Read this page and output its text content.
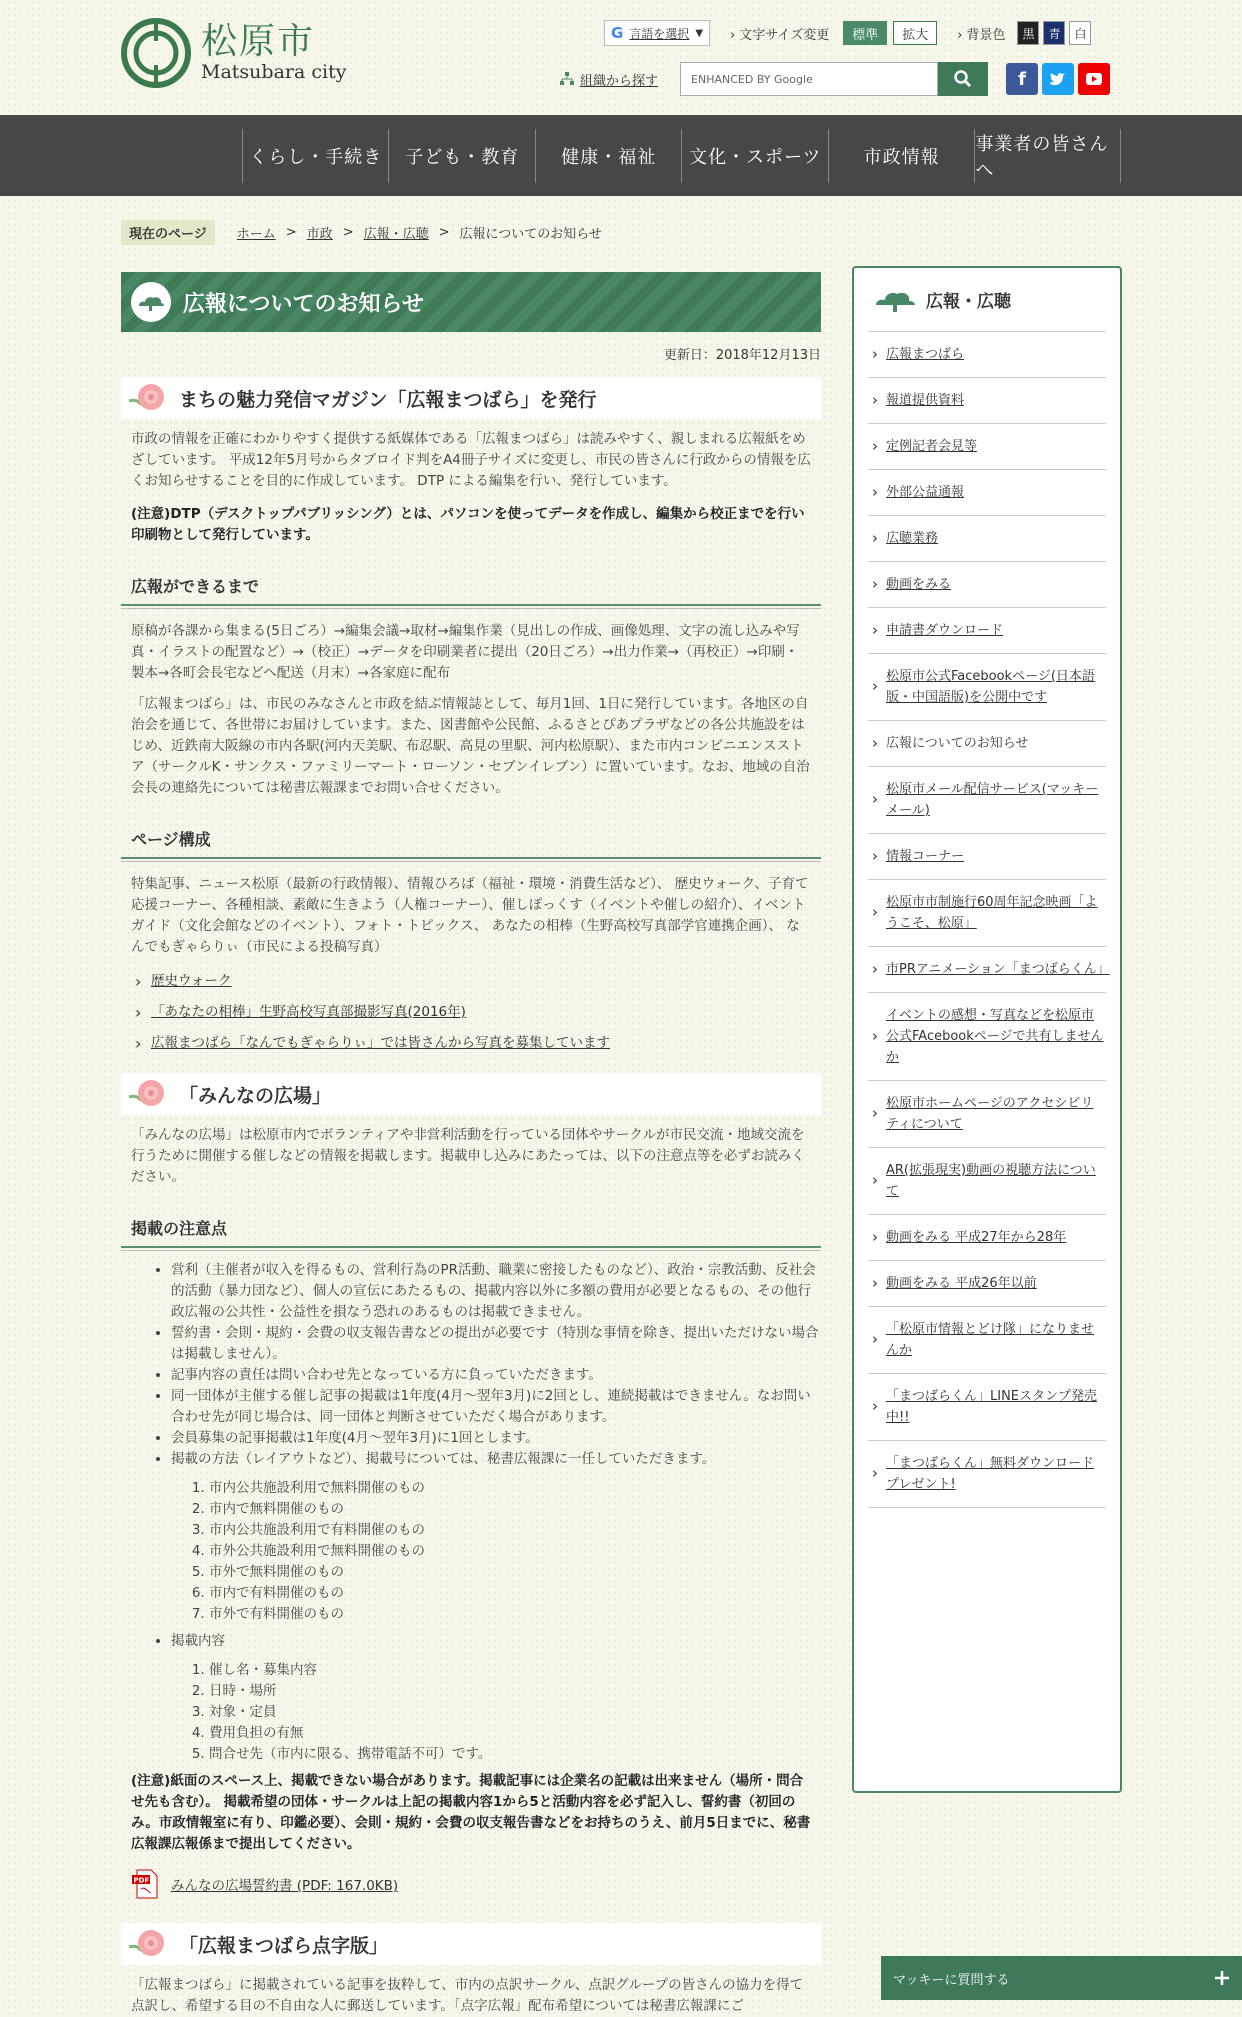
松原市
Matsubara city
G 言語を選択 ▼	› 文字サイズ変更	標準	拡大	› 背景色	黒	青	白
組織から探す	ENHANCED BY Google	f
くらし・手続き	子ども・教育	健康・福祉	文化・スポーツ	市政情報
事業者の皆さんへ
現在のページ	ホーム > 市政 > 広報・広聴 > 広報についてのお知らせ
広報についてのお知らせ
更新日：2018年12月13日
まちの魅力発信マガジン「広報まつばら」を発行

市政の情報を正確にわかりやすく提供する紙媒体である「広報まつばら」は読みやすく、親しまれる広報紙をめざしています。 平成12年5月号からタブロイド判をA4冊子サイズに変更し、市民の皆さんに行政からの情報を広くお知らせすることを目的に作成しています。 DTP による編集を行い、発行しています。

(注意)DTP（デスクトップパブリッシング）とは、パソコンを使ってデータを作成し、編集から校正までを行い印刷物として発行しています。

広報ができるまで

原稿が各課から集まる(5日ごろ）→編集会議→取材→編集作業（見出しの作成、画像処理、文字の流し込みや写真・イラストの配置など）→（校正）→データを印刷業者に提出（20日ごろ）→出力作業→（再校正）→印刷・製本→各町会長宅などへ配送（月末）→各家庭に配布

「広報まつばら」は、市民のみなさんと市政を結ぶ情報誌として、毎月1回、1日に発行しています。各地区の自治会を通じて、各世帯にお届けしています。また、図書館や公民館、ふるさとぴあプラザなどの各公共施設をはじめ、近鉄南大阪線の市内各駅(河内天美駅、布忍駅、高見の里駅、河内松原駅）、また市内コンビニエンスストア（サークルK・サンクス・ファミリーマート・ローソン・セブンイレブン）に置いています。なお、地域の自治会長の連絡先については秘書広報課までお問い合せください。

ページ構成

特集記事、ニュース松原（最新の行政情報）、情報ひろば（福祉・環境・消費生活など）、 歴史ウォーク、子育て応援コーナー、各種相談、素敵に生きよう（人権コーナー）、催しぽっくす（イベントや催しの紹介）、イベントガイド（文化会館などのイベント）、フォト・トピックス、 あなたの相棒（生野高校写真部学官連携企画）、 なんでもぎゃらりぃ（市民による投稿写真）

› 歴史ウォーク
› 「あなたの相棒」生野高校写真部撮影写真(2016年)
› 広報まつばら「なんでもぎゃらりぃ」では皆さんから写真を募集しています
「みんなの広場」

「みんなの広場」は松原市内でボランティアや非営利活動を行っている団体やサークルが市民交流・地域交流を行うために開催する催しなどの情報を掲載します。掲載申し込みにあたっては、以下の注意点等を必ずお読みください。

掲載の注意点
• 営利（主催者が収入を得るもの、営利行為のPR活動、職業に密接したものなど）、政治・宗教活動、反社会的活動（暴力団など）、個人の宣伝にあたるもの、掲載内容以外に多額の費用が必要となるもの、その他行政広報の公共性・公益性を損なう恐れのあるものは掲載できません。
• 誓約書・会則・規約・会費の収支報告書などの提出が必要です（特別な事情を除き、提出いただけない場合は掲載しません）。
• 記事内容の責任は問い合わせ先となっている方に負っていただきます。
• 同一団体が主催する催し記事の掲載は1年度(4月～翌年3月)に2回とし、連続掲載はできません。なお問い合わせ先が同じ場合は、同一団体と判断させていただく場合があります。
• 会員募集の記事掲載は1年度(4月～翌年3月)に1回とします。
• 掲載の方法（レイアウトなど）、掲載号については、秘書広報課に一任していただきます。
1. 市内公共施設利用で無料開催のもの
2. 市内で無料開催のもの
3. 市内公共施設利用で有料開催のもの
4. 市外公共施設利用で無料開催のもの
5. 市外で無料開催のもの
6. 市内で有料開催のもの
7. 市外で有料開催のもの
• 掲載内容
1. 催し名・募集内容
2. 日時・場所
3. 対象・定員
4. 費用負担の有無
5. 問合せ先（市内に限る、携帯電話不可）です。

(注意)紙面のスペース上、掲載できない場合があります。掲載記事には企業名の記載は出来ません（場所・問合せ先も含む）。 掲載希望の団体・サークルは上記の掲載内容1から5と活動内容を必ず記入し、誓約書（初回のみ。市政情報室に有り、印鑑必要）、会則・規約・会費の収支報告書などをお持ちのうえ、前月5日までに、秘書広報課広報係まで提出してください。

PDF みんなの広場誓約書 (PDF: 167.0KB)
「広報まつばら点字版」

「広報まつばら」に掲載されている記事を抜粋して、市内の点訳サークル、点訳グループの皆さんの協力を得て点訳し、希望する目の不自由な人に郵送しています。「点字広報」配布希望については秘書広報課にご

広報・広聴
› 広報まつばら
› 報道提供資料
› 定例記者会見等
› 外部公益通報
› 広聴業務
› 動画をみる
› 申請書ダウンロード
› 松原市公式Facebookページ(日本語版・中国語版)を公開中です
› 広報についてのお知らせ
› 松原市メール配信サービス(マッキーメール)
› 情報コーナー
› 松原市市制施行60周年記念映画「ようこそ、松原」
› 市PRアニメーション「まつばらくん」
› イベントの感想・写真などを松原市公式FAcebookページで共有しませんか
› 松原市ホームページのアクセシビリティについて
› AR(拡張現実)動画の視聴方法について
› 動画をみる 平成27年から28年
› 動画をみる 平成26年以前
› 「松原市情報とどけ隊」になりませんか
› 「まつばらくん」LINEスタンプ発売中!!
› 「まつばらくん」無料ダウンロードプレゼント!
マッキーに質問する
